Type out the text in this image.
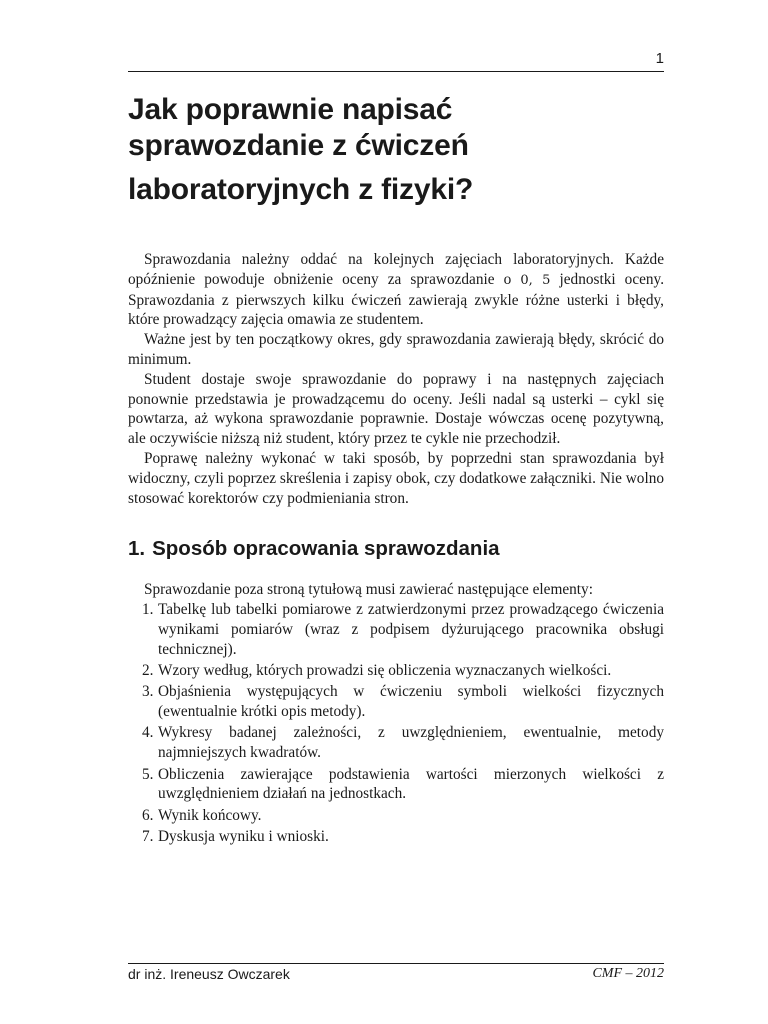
1
Jak poprawnie napisać
sprawozdanie z ćwiczeń
laboratoryjnych z fizyki?

Sprawozdania należny oddać na kolejnych zajęciach laboratoryjnych. Każde opóźnienie powoduje obniżenie oceny za sprawozdanie o 0, 5 jednostki oceny. Sprawozdania z pierwszych kilku ćwiczeń zawierają zwykle różne usterki i błędy, które prowadzący zajęcia omawia ze studentem.

Ważne jest by ten początkowy okres, gdy sprawozdania zawierają błędy, skrócić do minimum.

Student dostaje swoje sprawozdanie do poprawy i na następnych zajęciach ponownie przedstawia je prowadzącemu do oceny. Jeśli nadal są usterki – cykl się powtarza, aż wykona sprawozdanie poprawnie. Dostaje wówczas ocenę pozytywną, ale oczywiście niższą niż student, który przez te cykle nie przechodził.

Poprawę należny wykonać w taki sposób, by poprzedni stan sprawozdania był widoczny, czyli poprzez skreślenia i zapisy obok, czy dodatkowe załączniki. Nie wolno stosować korektorów czy podmieniania stron.

1. Sposób opracowania sprawozdania

Sprawozdanie poza stroną tytułową musi zawierać następujące elementy:

1. Tabelkę lub tabelki pomiarowe z zatwierdzonymi przez prowadzącego ćwiczenia wynikami pomiarów (wraz z podpisem dyżurującego pracownika obsługi technicznej).
2. Wzory według, których prowadzi się obliczenia wyznaczanych wielkości.
3. Objaśnienia występujących w ćwiczeniu symboli wielkości fizycznych (ewentualnie krótki opis metody).
4. Wykresy badanej zależności, z uwzględnieniem, ewentualnie, metody najmniejszych kwadratów.
5. Obliczenia zawierające podstawienia wartości mierzonych wielkości z uwzględnieniem działań na jednostkach.
6. Wynik końcowy.
7. Dyskusja wyniku i wnioski.
dr inż. Ireneusz Owczarek	CMF – 2012
